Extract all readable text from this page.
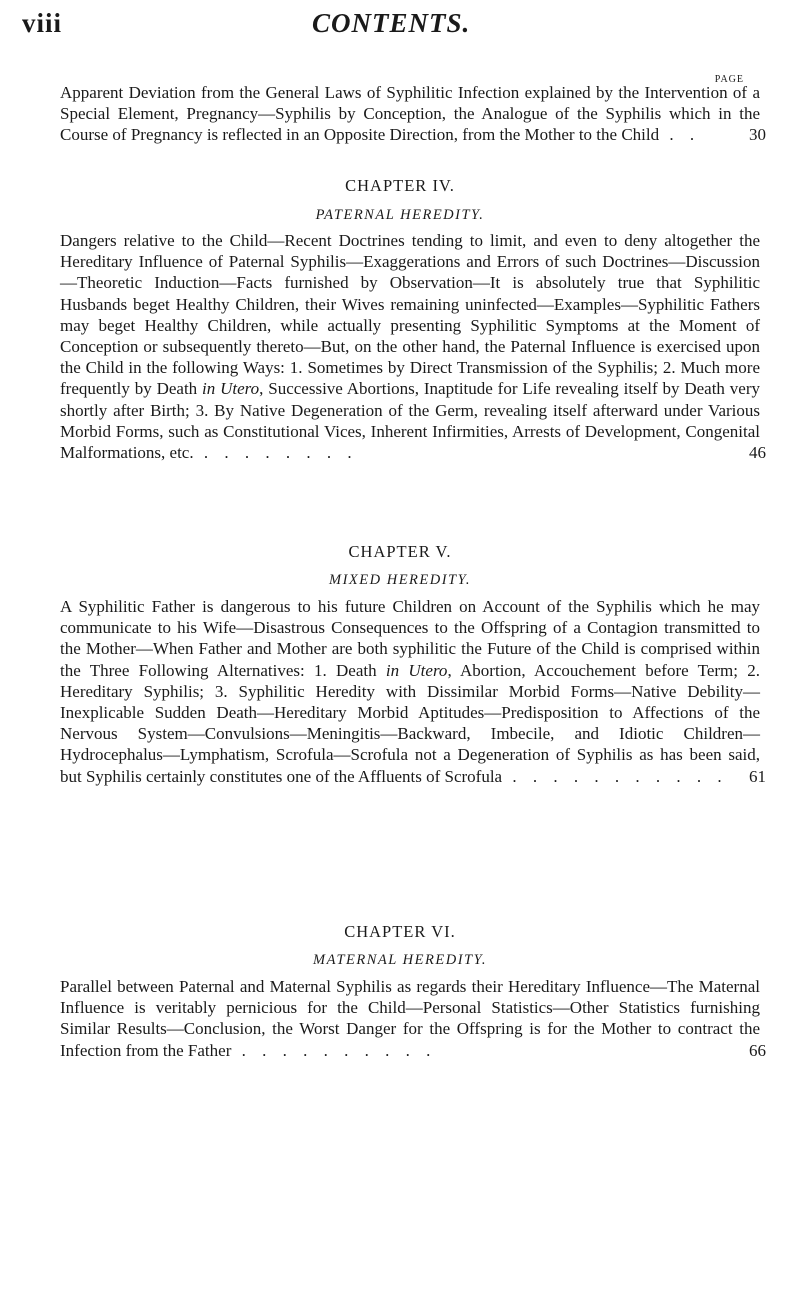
viii	CONTENTS.
PAGE
Apparent Deviation from the General Laws of Syphilitic Infection explained by the Intervention of a Special Element, Pregnancy—Syphilis by Conception, the Analogue of the Syphilis which in the Course of Pregnancy is reflected in an Opposite Direction, from the Mother to the Child . .	30
CHAPTER IV.
PATERNAL HEREDITY.
Dangers relative to the Child—Recent Doctrines tending to limit, and even to deny altogether the Hereditary Influence of Paternal Syphilis—Exaggerations and Errors of such Doctrines—Discussion—Theoretic Induction—Facts furnished by Observation—It is absolutely true that Syphilitic Husbands beget Healthy Children, their Wives remaining uninfected—Examples—Syphilitic Fathers may beget Healthy Children, while actually presenting Syphilitic Symptoms at the Moment of Conception or subsequently thereto—But, on the other hand, the Paternal Influence is exercised upon the Child in the following Ways: 1. Sometimes by Direct Transmission of the Syphilis; 2. Much more frequently by Death in Utero, Successive Abortions, Inaptitude for Life revealing itself by Death very shortly after Birth; 3. By Native Degeneration of the Germ, revealing itself afterward under Various Morbid Forms, such as Constitutional Vices, Inherent Infirmities, Arrests of Development, Congenital Malformations, etc. . . . . . . . .	46
CHAPTER V.
MIXED HEREDITY.
A Syphilitic Father is dangerous to his future Children on Account of the Syphilis which he may communicate to his Wife—Disastrous Consequences to the Offspring of a Contagion transmitted to the Mother—When Father and Mother are both syphilitic the Future of the Child is comprised within the Three Following Alternatives: 1. Death in Utero, Abortion, Accouchement before Term; 2. Hereditary Syphilis; 3. Syphilitic Heredity with Dissimilar Morbid Forms—Native Debility—Inexplicable Sudden Death—Hereditary Morbid Aptitudes—Predisposition to Affections of the Nervous System—Convulsions—Meningitis—Backward, Imbecile, and Idiotic Children—Hydrocephalus—Lymphatism, Scrofula—Scrofula not a Degeneration of Syphilis as has been said, but Syphilis certainly constitutes one of the Affluents of Scrofula . . . . . . . . . . . 61
CHAPTER VI.
MATERNAL HEREDITY.
Parallel between Paternal and Maternal Syphilis as regards their Hereditary Influence—The Maternal Influence is veritably pernicious for the Child—Personal Statistics—Other Statistics furnishing Similar Results—Conclusion, the Worst Danger for the Offspring is for the Mother to contract the Infection from the Father . . . . . . . . . .	66
